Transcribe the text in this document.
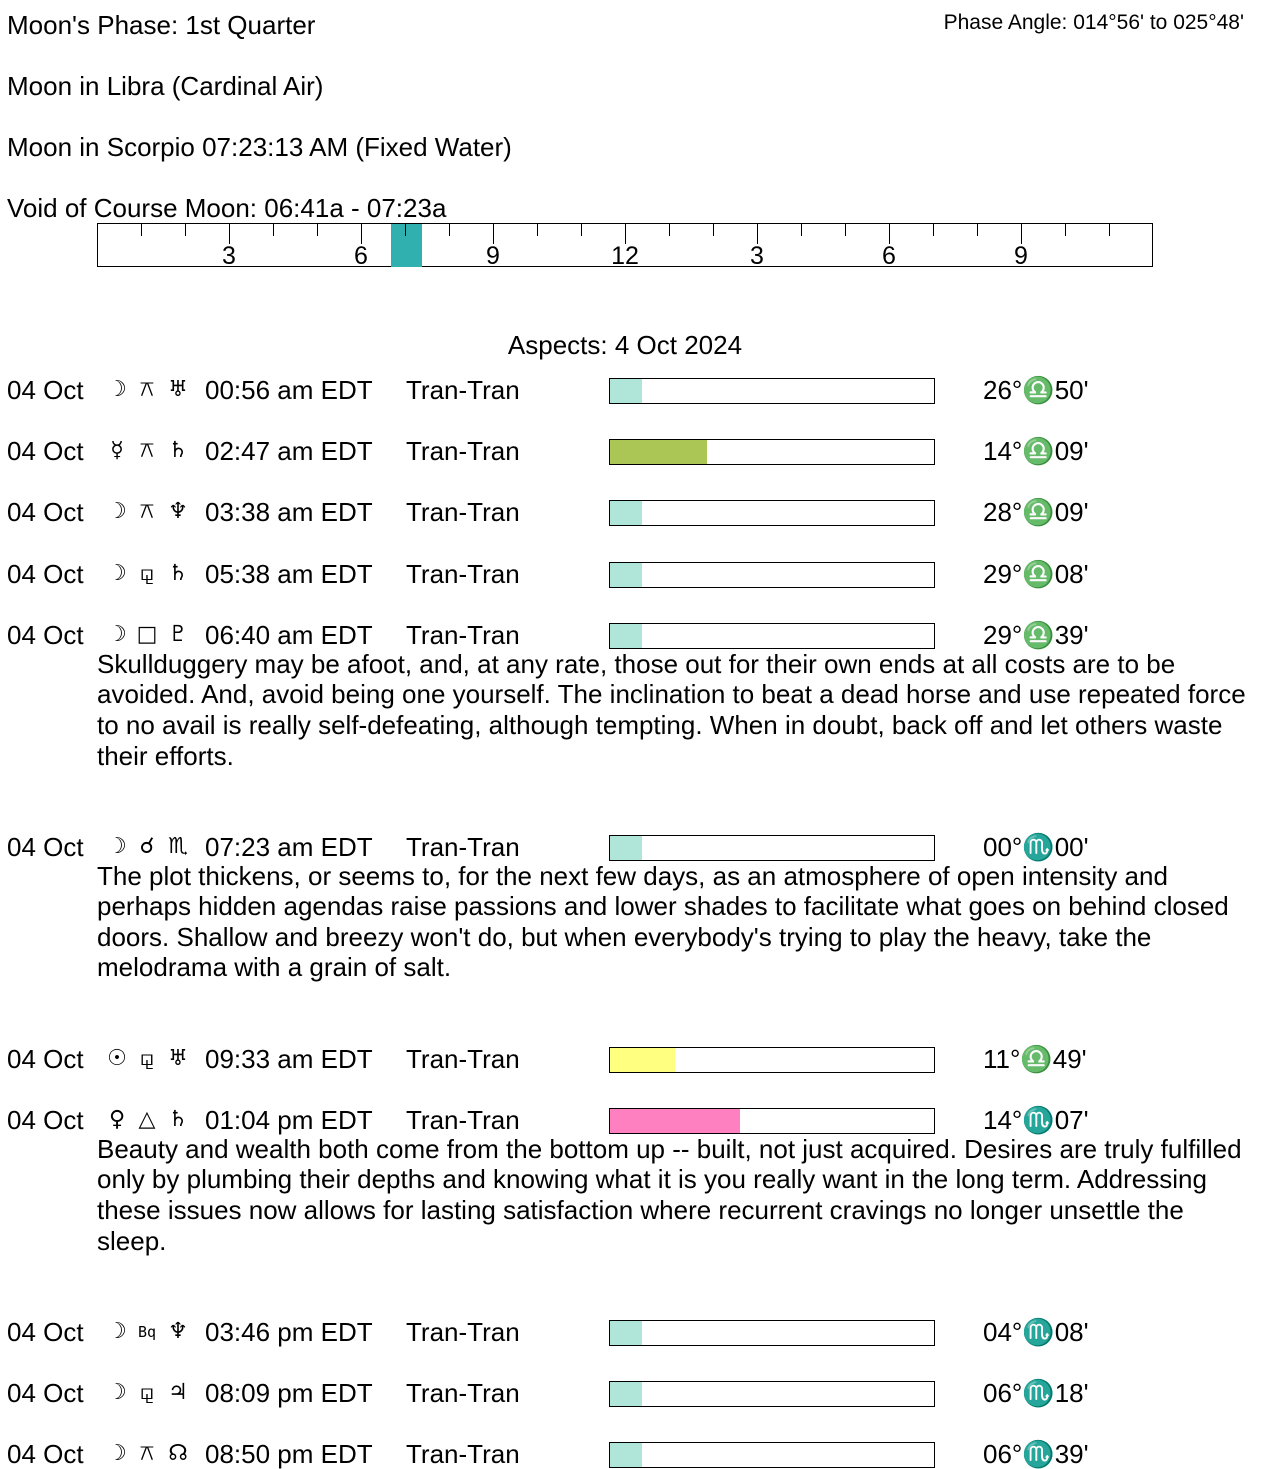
Moon's Phase: 1st Quarter	Phase Angle: 014°56' to 025°48'
Moon in Libra (Cardinal Air)
Moon in Scorpio 07:23:13 AM (Fixed Water)
Void of Course Moon: 06:41a - 07:23a
3	6	9	12	3	6	9
Aspects: 4 Oct 2024
04 Oct ☽ ⚻ ♅ 00:56 am EDT Tran-Tran	26°♎50'
04 Oct ☿ ⚻ ♄ 02:47 am EDT Tran-Tran	14°♎09'
04 Oct ☽ ⚻ ♆ 03:38 am EDT Tran-Tran	28°♎09'
04 Oct ☽ ⚼ ♄ 05:38 am EDT Tran-Tran	29°♎08'
04 Oct ☽ □ ♇ 06:40 am EDT Tran-Tran	29°♎39'
Skullduggery may be afoot, and, at any rate, those out for their own ends at all costs are to be avoided. And, avoid being one yourself. The inclination to beat a dead horse and use repeated force to no avail is really self-defeating, although tempting. When in doubt, back off and let others waste their efforts.
04 Oct ☽ ☌ ♏ 07:23 am EDT Tran-Tran	00°♏00'
The plot thickens, or seems to, for the next few days, as an atmosphere of open intensity and perhaps hidden agendas raise passions and lower shades to facilitate what goes on behind closed doors. Shallow and breezy won't do, but when everybody's trying to play the heavy, take the melodrama with a grain of salt.
04 Oct ☉ ⚼ ♅ 09:33 am EDT Tran-Tran	11°♎49'
04 Oct ♀ △ ♄ 01:04 pm EDT Tran-Tran	14°♏07'
Beauty and wealth both come from the bottom up -- built, not just acquired. Desires are truly fulfilled only by plumbing their depths and knowing what it is you really want in the long term. Addressing these issues now allows for lasting satisfaction where recurrent cravings no longer unsettle the sleep.
04 Oct ☽ Bq ♆ 03:46 pm EDT Tran-Tran	04°♏08'
04 Oct ☽ ⚼ ♃ 08:09 pm EDT Tran-Tran	06°♏18'
04 Oct ☽ ⚻ ☊ 08:50 pm EDT Tran-Tran	06°♏39'
